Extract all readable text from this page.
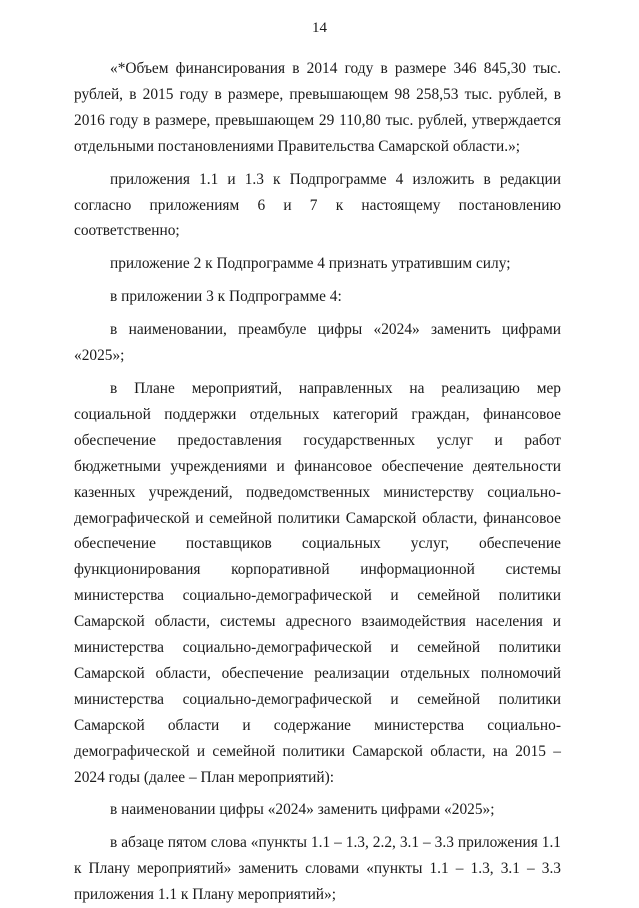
14

«*Объем финансирования в 2014 году в размере 346 845,30 тыс. рублей, в 2015 году в размере, превышающем 98 258,53 тыс. рублей, в 2016 году в размере, превышающем 29 110,80 тыс. рублей, утверждается отдельными постановлениями Правительства Самарской области.»;

приложения 1.1 и 1.3 к Подпрограмме 4 изложить в редакции согласно приложениям 6 и 7 к настоящему постановлению соответственно;

приложение 2 к Подпрограмме 4 признать утратившим силу;

в приложении 3 к Подпрограмме 4:

в наименовании, преамбуле цифры «2024» заменить цифрами «2025»;

в Плане мероприятий, направленных на реализацию мер социальной поддержки отдельных категорий граждан, финансовое обеспечение предоставления государственных услуг и работ бюджетными учреждениями и финансовое обеспечение деятельности казенных учреждений, подведомственных министерству социально-демографической и семейной политики Самарской области, финансовое обеспечение поставщиков социальных услуг, обеспечение функционирования корпоративной информационной системы министерства социально-демографической и семейной политики Самарской области, системы адресного взаимодействия населения и министерства социально-демографической и семейной политики Самарской области, обеспечение реализации отдельных полномочий министерства социально-демографической и семейной политики Самарской области и содержание министерства социально-демографической и семейной политики Самарской области, на 2015 – 2024 годы (далее – План мероприятий):

в наименовании цифры «2024» заменить цифрами «2025»;

в абзаце пятом слова «пункты 1.1 – 1.3, 2.2, 3.1 – 3.3 приложения 1.1 к Плану мероприятий» заменить словами «пункты 1.1 – 1.3, 3.1 – 3.3 приложения 1.1 к Плану мероприятий»;
